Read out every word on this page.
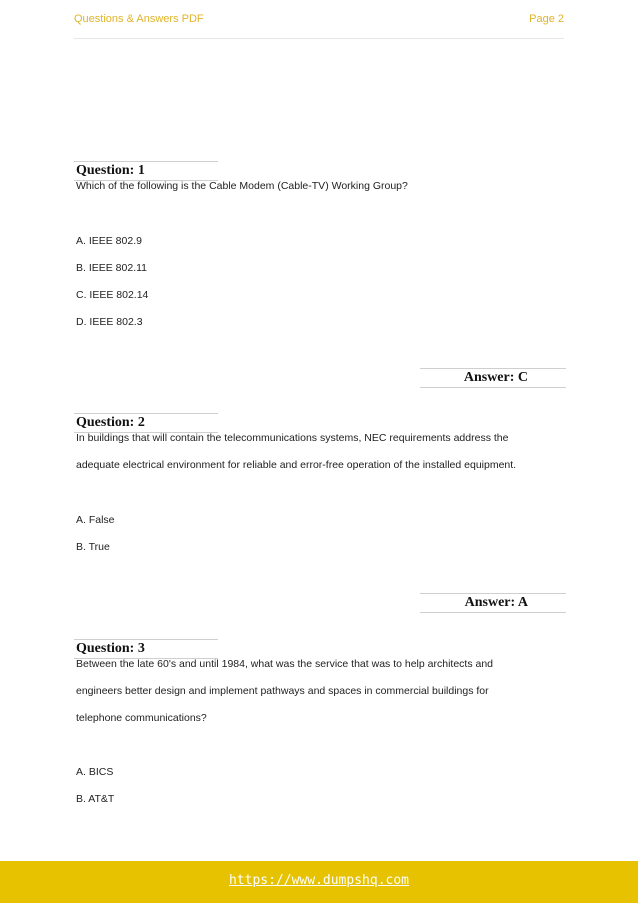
Questions & Answers PDF	Page 2
Question: 1
Which of the following is the Cable Modem (Cable-TV) Working Group?
A. IEEE 802.9
B. IEEE 802.11
C. IEEE 802.14
D. IEEE 802.3
Answer: C
Question: 2
In buildings that will contain the telecommunications systems, NEC requirements address the
adequate electrical environment for reliable and error-free operation of the installed equipment.
A. False
B. True
Answer: A
Question: 3
Between the late 60's and until 1984, what was the service that was to help architects and
engineers better design and implement pathways and spaces in commercial buildings for
telephone communications?
A. BICS
B. AT&T
https://www.dumpshq.com
